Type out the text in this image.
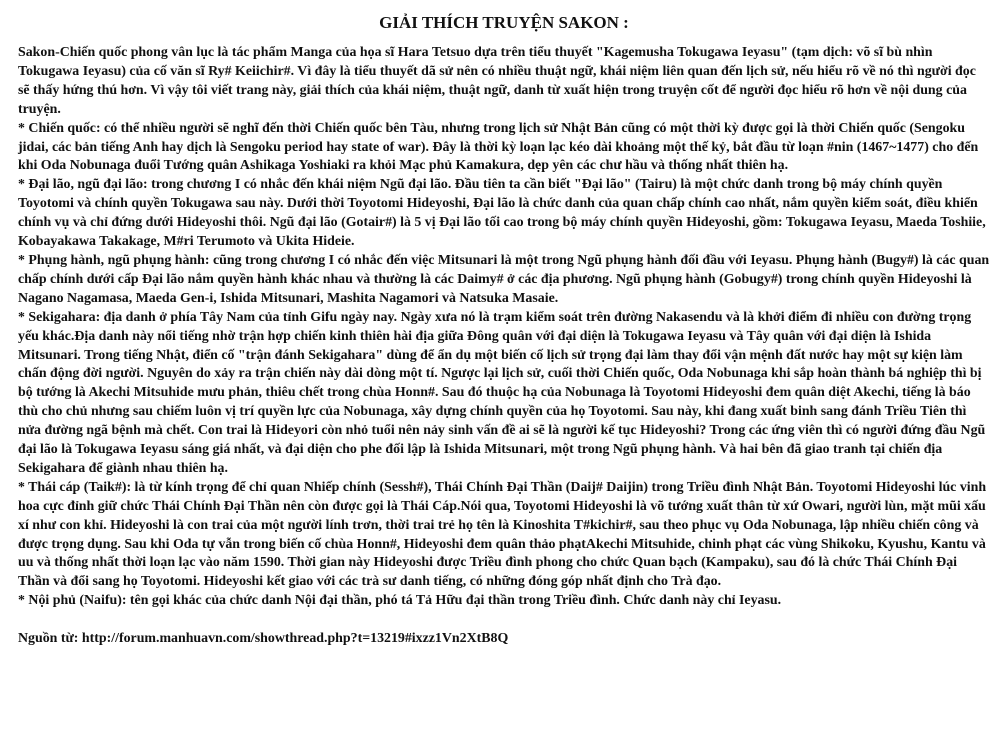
GIẢI THÍCH TRUYỆN SAKON :

Sakon-Chiến quốc phong vân lục là tác phẩm Manga của họa sĩ Hara Tetsuo dựa trên tiểu thuyết "Kagemusha Tokugawa Ieyasu" (tạm dịch: võ sĩ bù nhìn Tokugawa Ieyasu) của cố văn sĩ Ry# Keiichir#. Vì đây là tiểu thuyết dã sử nên có nhiều thuật ngữ, khái niệm liên quan đến lịch sử, nếu hiểu rõ về nó thì người đọc sẽ thấy hứng thú hơn. Vì vậy tôi viết trang này, giải thích của khái niệm, thuật ngữ, danh từ xuất hiện trong truyện cốt để người đọc hiểu rõ hơn về nội dung của truyện.

* Chiến quốc: có thể nhiều người sẽ nghĩ đến thời Chiến quốc bên Tàu, nhưng trong lịch sử Nhật Bản cũng có một thời kỳ được gọi là thời Chiến quốc (Sengoku jidai, các bản tiếng Anh hay dịch là Sengoku period hay state of war). Đây là thời kỳ loạn lạc kéo dài khoảng một thế kỷ, bắt đầu từ loạn #nin (1467~1477) cho đến khi Oda Nobunaga đuổi Tướng quân Ashikaga Yoshiaki ra khỏi Mạc phủ Kamakura, dẹp yên các chư hầu và thống nhất thiên hạ.

* Đại lão, ngũ đại lão: trong chương I có nhắc đến khái niệm Ngũ đại lão. Đầu tiên ta cần biết "Đại lão" (Tairu) là một chức danh trong bộ máy chính quyền Toyotomi và chính quyền Tokugawa sau này. Dưới thời Toyotomi Hideyoshi, Đại lão là chức danh của quan chấp chính cao nhất, nắm quyền kiểm soát, điều khiển chính vụ và chỉ đứng dưới Hideyoshi thôi. Ngũ đại lão (Gotair#) là 5 vị Đại lão tối cao trong bộ máy chính quyền Hideyoshi, gồm: Tokugawa Ieyasu, Maeda Toshiie, Kobayakawa Takakage, M#ri Terumoto và Ukita Hideie.

* Phụng hành, ngũ phụng hành: cũng trong chương I có nhắc đến việc Mitsunari là một trong Ngũ phụng hành đối đầu với Ieyasu. Phụng hành (Bugy#) là các quan chấp chính dưới cấp Đại lão nắm quyền hành khác nhau và thường là các Daimy# ở các địa phương. Ngũ phụng hành (Gobugy#) trong chính quyền Hideyoshi là Nagano Nagamasa, Maeda Gen-i, Ishida Mitsunari, Mashita Nagamori và Natsuka Masaie.

* Sekigahara: địa danh ở phía Tây Nam của tỉnh Gifu ngày nay. Ngày xưa nó là trạm kiểm soát trên đường Nakasendu và là khởi điểm đi nhiều con đường trọng yếu khác.Địa danh này nổi tiếng nhờ trận hợp chiến kinh thiên hài địa giữa Đông quân với đại diện là Tokugawa Ieyasu và Tây quân với đại diện là Ishida Mitsunari. Trong tiếng Nhật, điển cố "trận đánh Sekigahara" dùng để ẩn dụ một biến cố lịch sử trọng đại làm thay đổi vận mệnh đất nước hay một sự kiện làm chấn động đời người. Nguyên do xảy ra trận chiến này dài dòng một tí. Ngược lại lịch sử, cuối thời Chiến quốc, Oda Nobunaga khi sắp hoàn thành bá nghiệp thì bị bộ tướng là Akechi Mitsuhide mưu phản, thiêu chết trong chùa Honn#. Sau đó thuộc hạ của Nobunaga là Toyotomi Hideyoshi đem quân diệt Akechi, tiếng là báo thù cho chủ nhưng sau chiếm luôn vị trí quyền lực của Nobunaga, xây dựng chính quyền của họ Toyotomi. Sau này, khi đang xuất binh sang đánh Triều Tiên thì nửa đường ngã bệnh mà chết. Con trai là Hideyori còn nhỏ tuổi nên nảy sinh vấn đề ai sẽ là người kế tục Hideyoshi? Trong các ứng viên thì có người đứng đầu Ngũ đại lão là Tokugawa Ieyasu sáng giá nhất, và đại diện cho phe đối lập là Ishida Mitsunari, một trong Ngũ phụng hành. Và hai bên đã giao tranh tại chiến địa Sekigahara để giành nhau thiên hạ.

* Thái cáp (Taik#): là từ kính trọng để chỉ quan Nhiếp chính (Sessh#), Thái Chính Đại Thần (Daij# Daijin) trong Triều đình Nhật Bản. Toyotomi Hideyoshi lúc vinh hoa cực đỉnh giữ chức Thái Chính Đại Thần nên còn được gọi là Thái Cáp.Nói qua, Toyotomi Hideyoshi là võ tướng xuất thân từ xứ Owari, người lùn, mặt mũi xấu xí như con khỉ. Hideyoshi là con trai của một người lính trơn, thời trai trẻ họ tên là Kinoshita T#kichir#, sau theo phục vụ Oda Nobunaga, lập nhiều chiến công và được trọng dụng. Sau khi Oda tự vẫn trong biến cố chùa Honn#, Hideyoshi đem quân thảo phạtAkechi Mitsuhide, chinh phạt các vùng Shikoku, Kyushu, Kantu và uu và thống nhất thời loạn lạc vào năm 1590. Thời gian này Hideyoshi được Triều đình phong cho chức Quan bạch (Kampaku), sau đó là chức Thái Chính Đại Thần và đổi sang họ Toyotomi. Hideyoshi kết giao với các trà sư danh tiếng, có những đóng góp nhất định cho Trà đạo.

* Nội phủ (Naifu): tên gọi khác của chức danh Nội đại thần, phó tá Tả Hữu đại thần trong Triều đình. Chức danh này chỉ Ieyasu.

Nguồn từ: http://forum.manhuavn.com/showthread.php?t=13219#ixzz1Vn2XtB8Q
